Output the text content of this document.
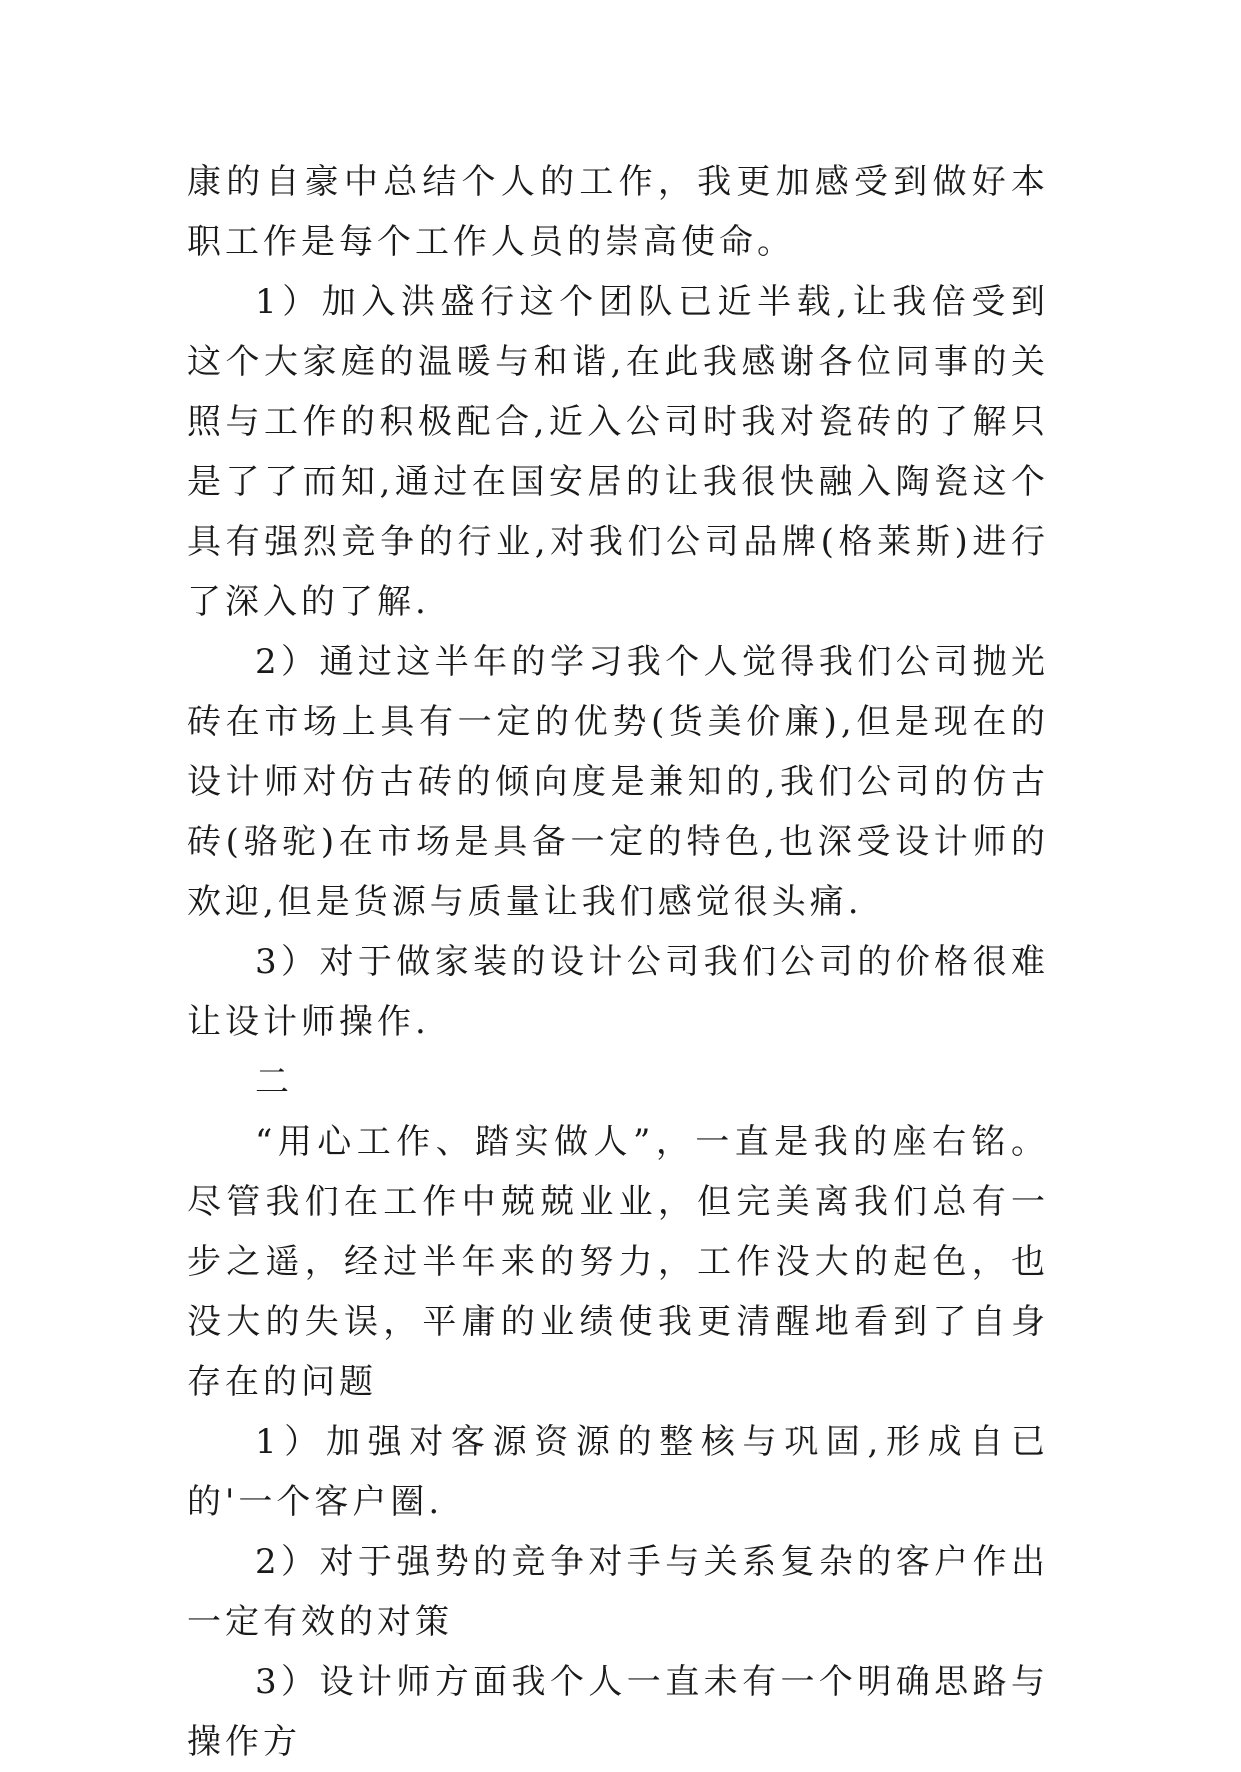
康的自豪中总结个人的工作，我更加感受到做好本职工作是每个工作人员的崇高使命。

1）加入洪盛行这个团队已近半载,让我倍受到这个大家庭的温暖与和谐,在此我感谢各位同事的关照与工作的积极配合,近入公司时我对瓷砖的了解只是了了而知,通过在国安居的让我很快融入陶瓷这个具有强烈竞争的行业,对我们公司品牌(格莱斯)进行了深入的了解.

2）通过这半年的学习我个人觉得我们公司抛光砖在市场上具有一定的优势(货美价廉),但是现在的设计师对仿古砖的倾向度是兼知的,我们公司的仿古砖(骆驼)在市场是具备一定的特色,也深受设计师的欢迎,但是货源与质量让我们感觉很头痛.

3）对于做家装的设计公司我们公司的价格很难让设计师操作.

二

“用心工作、踏实做人”，一直是我的座右铭。尽管我们在工作中兢兢业业，但完美离我们总有一步之遥，经过半年来的努力，工作没大的起色，也没大的失误，平庸的业绩使我更清醒地看到了自身存在的问题

1）加强对客源资源的整核与巩固,形成自已的'一个客户圈.

2）对于强势的竞争对手与关系复杂的客户作出一定有效的对策

3）设计师方面我个人一直未有一个明确思路与操作方
